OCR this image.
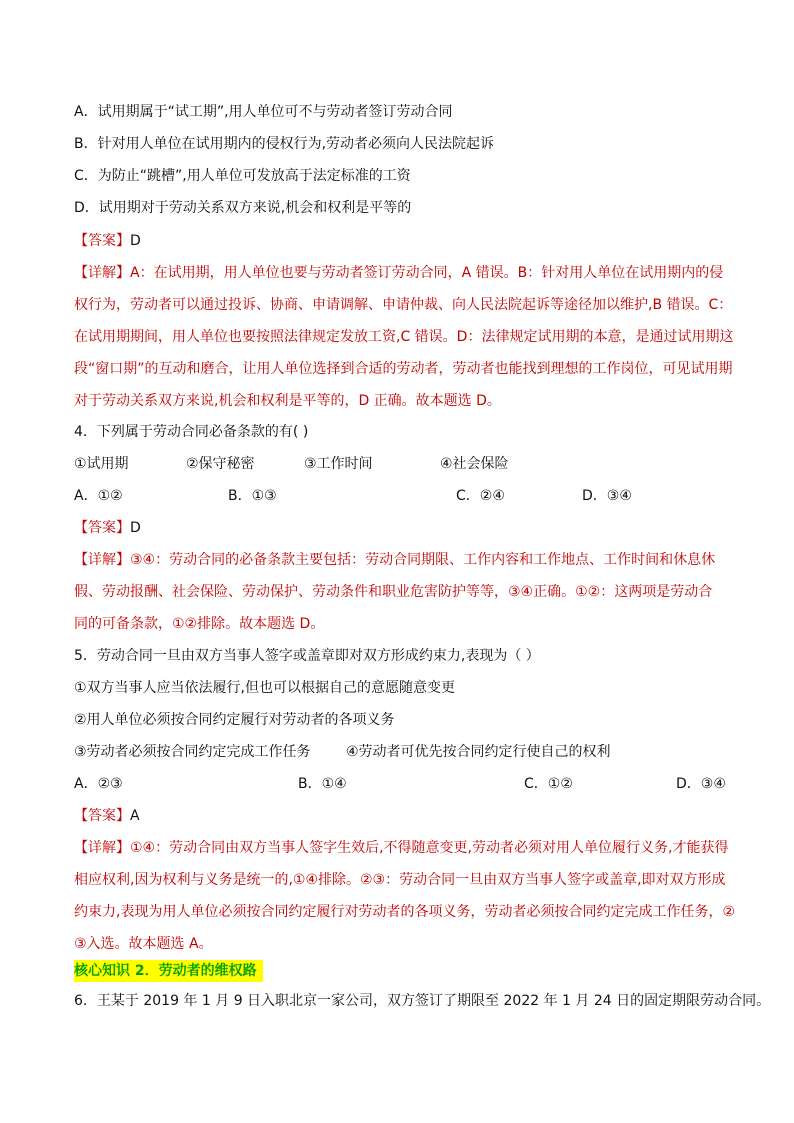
A．试用期属于“试工期”,用人单位可不与劳动者签订劳动合同
B．针对用人单位在试用期内的侵权行为,劳动者必须向人民法院起诉
C．为防止“跳槽”,用人单位可发放高于法定标准的工资
D．试用期对于劳动关系双方来说,机会和权利是平等的
【答案】D
【详解】A：在试用期，用人单位也要与劳动者签订劳动合同，A 错误。B：针对用人单位在试用期内的侵
权行为，劳动者可以通过投诉、协商、申请调解、申请仲裁、向人民法院起诉等途径加以维护,B 错误。C：
在试用期期间，用人单位也要按照法律规定发放工资,C 错误。D：法律规定试用期的本意，是通过试用期这
段“窗口期”的互动和磨合，让用人单位选择到合适的劳动者，劳动者也能找到理想的工作岗位，可见试用期
对于劳动关系双方来说,机会和权利是平等的，D 正确。故本题选 D。
4．下列属于劳动合同必备条款的有( )
①试用期	②保守秘密	③工作时间	④社会保险
A．①②	B．①③	C．②④	D．③④
【答案】D
【详解】③④：劳动合同的必备条款主要包括：劳动合同期限、工作内容和工作地点、工作时间和休息休
假、劳动报酬、社会保险、劳动保护、劳动条件和职业危害防护等等，③④正确。①②：这两项是劳动合
同的可备条款，①②排除。故本题选 D。
5．劳动合同一旦由双方当事人签字或盖章即对双方形成约束力,表现为（ ）
①双方当事人应当依法履行,但也可以根据自己的意愿随意变更
②用人单位必须按合同约定履行对劳动者的各项义务
③劳动者必须按合同约定完成工作任务	④劳动者可优先按合同约定行使自己的权利
A．②③	B．①④	C．①②	D．③④
【答案】A
【详解】①④：劳动合同由双方当事人签字生效后,不得随意变更,劳动者必须对用人单位履行义务,才能获得
相应权利,因为权利与义务是统一的,①④排除。②③：劳动合同一旦由双方当事人签字或盖章,即对双方形成
约束力,表现为用人单位必须按合同约定履行对劳动者的各项义务，劳动者必须按合同约定完成工作任务，②
③入选。故本题选 A。
核心知识 2．劳动者的维权路
6．王某于 2019 年 1 月 9 日入职北京一家公司，双方签订了期限至 2022 年 1 月 24 日的固定期限劳动合同。
